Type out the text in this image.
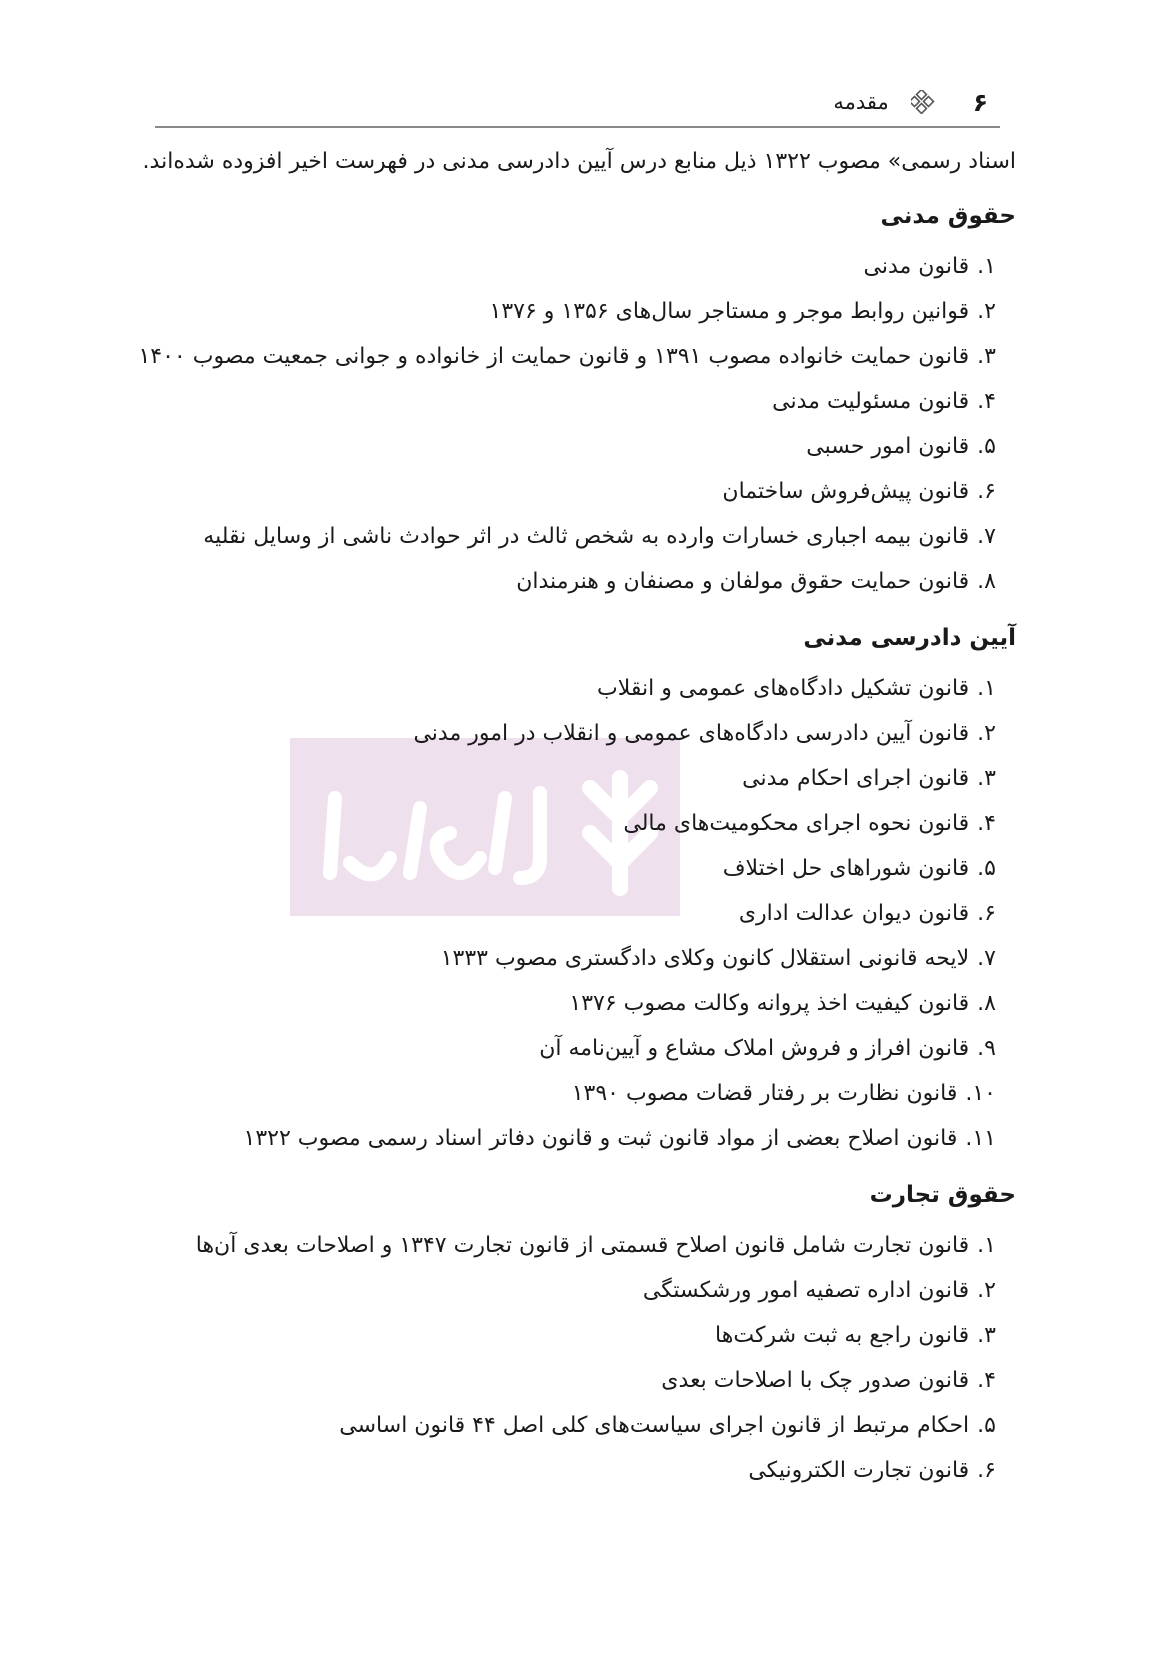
۶
مقدمه

اسناد رسمی» مصوب ۱۳۲۲ ذیل منابع درس آیین دادرسی مدنی در فهرست اخیر افزوده شده‌اند.

حقوق مدنی
۱.قانون مدنی
۲.قوانین روابط موجر و مستاجر سال‌های ۱۳۵۶ و ۱۳۷۶
۳.قانون حمایت خانواده مصوب ۱۳۹۱ و قانون حمایت از خانواده و جوانی جمعیت مصوب ۱۴۰۰
۴.قانون مسئولیت مدنی
۵.قانون امور حسبی
۶.قانون پیش‌فروش ساختمان
۷.قانون بیمه اجباری خسارات وارده به شخص ثالث در اثر حوادث ناشی از وسایل نقلیه
۸.قانون حمایت حقوق مولفان و مصنفان و هنرمندان
آیین دادرسی مدنی
۱.قانون تشکیل دادگاه‌های عمومی و انقلاب
۲.قانون آیین دادرسی دادگاه‌های عمومی و انقلاب در امور مدنی
۳.قانون اجرای احکام مدنی
۴.قانون نحوه اجرای محکومیت‌های مالی
۵.قانون شوراهای حل اختلاف
۶.قانون دیوان عدالت اداری
۷.لایحه قانونی استقلال کانون وکلای دادگستری مصوب ۱۳۳۳
۸.قانون کیفیت اخذ پروانه وکالت مصوب ۱۳۷۶
۹.قانون افراز و فروش املاک مشاع و آیین‌نامه آن
۱۰.قانون نظارت بر رفتار قضات مصوب ۱۳۹۰
۱۱.قانون اصلاح بعضی از مواد قانون ثبت و قانون دفاتر اسناد رسمی مصوب ۱۳۲۲
حقوق تجارت
۱.قانون تجارت شامل قانون اصلاح قسمتی از قانون تجارت ۱۳۴۷ و اصلاحات بعدی آن‌ها
۲.قانون اداره تصفیه امور ورشکستگی
۳.قانون راجع به ثبت شرکت‌ها
۴.قانون صدور چک با اصلاحات بعدی
۵.احکام مرتبط از قانون اجرای سیاست‌های کلی اصل ۴۴ قانون اساسی
۶.قانون تجارت الکترونیکی
